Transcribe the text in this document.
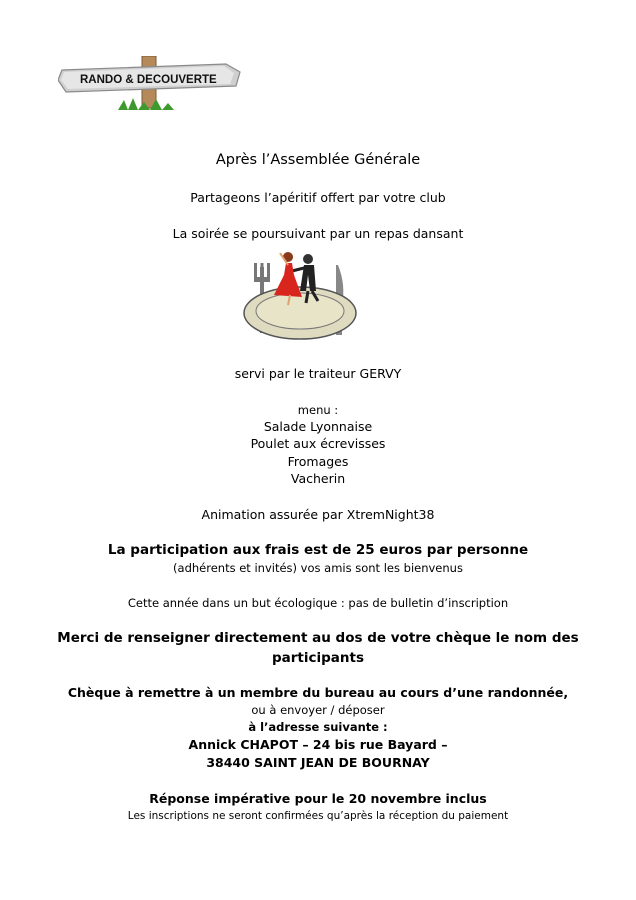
RANDO & DECOUVERTE
Après l’Assemblée Générale
Partageons l’apéritif offert par votre club
La soirée se poursuivant par un repas dansant
servi par le traiteur GERVY
menu :
Salade Lyonnaise
Poulet aux écrevisses
Fromages
Vacherin
Animation assurée par XtremNight38
La participation aux frais est de 25 euros par personne
(adhérents et invités) vos amis sont les bienvenus
Cette année dans un but écologique : pas de bulletin d’inscription
Merci de renseigner directement au dos de votre chèque le nom des
participants
Chèque à remettre à un membre du bureau au cours d’une randonnée,
ou à envoyer / déposer
à l’adresse suivante :
Annick CHAPOT – 24 bis rue Bayard –
38440 SAINT JEAN DE BOURNAY
Réponse impérative pour le 20 novembre inclus
Les inscriptions ne seront confirmées qu’après la réception du paiement
